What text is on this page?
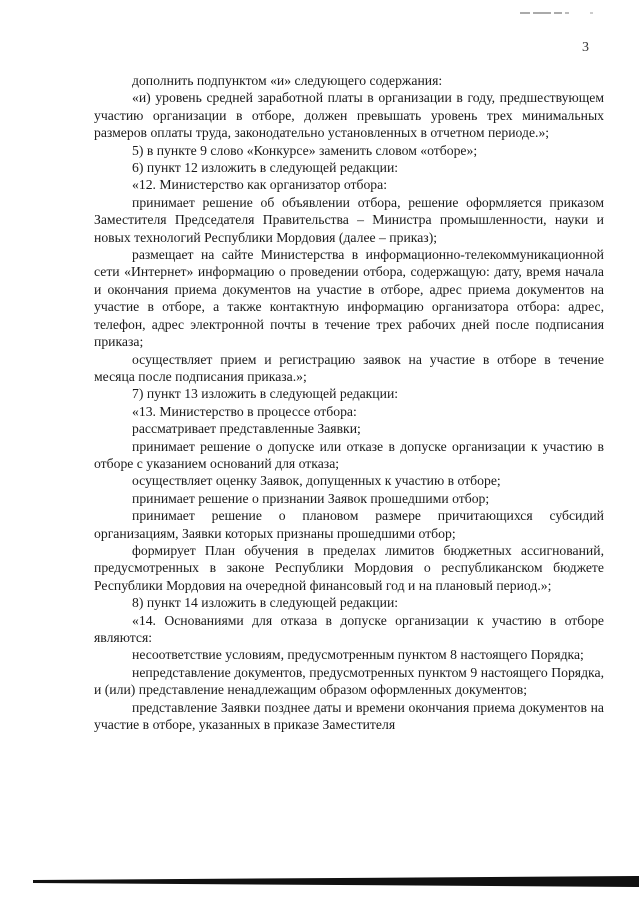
3

дополнить подпунктом «и» следующего содержания:

«и) уровень средней заработной платы в организации в году, предшествующем участию организации в отборе, должен превышать уровень трех минимальных размеров оплаты труда, законодательно установленных в отчетном периоде.»;

5) в пункте 9 слово «Конкурсе» заменить словом «отборе»;

6) пункт 12 изложить в следующей редакции:

«12. Министерство как организатор отбора:

принимает решение об объявлении отбора, решение оформляется приказом Заместителя Председателя Правительства – Министра промышленности, науки и новых технологий Республики Мордовия (далее – приказ);

размещает на сайте Министерства в информационно-телекоммуникационной сети «Интернет» информацию о проведении отбора, содержащую: дату, время начала и окончания приема документов на участие в отборе, адрес приема документов на участие в отборе, а также контактную информацию организатора отбора: адрес, телефон, адрес электронной почты в течение трех рабочих дней после подписания приказа;

осуществляет прием и регистрацию заявок на участие в отборе в течение месяца после подписания приказа.»;

7) пункт 13 изложить в следующей редакции:

«13. Министерство в процессе отбора:

рассматривает представленные Заявки;

принимает решение о допуске или отказе в допуске организации к участию в отборе с указанием оснований для отказа;

осуществляет оценку Заявок, допущенных к участию в отборе;

принимает решение о признании Заявок прошедшими отбор;

принимает решение о плановом размере причитающихся субсидий организациям, Заявки которых признаны прошедшими отбор;

формирует План обучения в пределах лимитов бюджетных ассигнований, предусмотренных в законе Республики Мордовия о республиканском бюджете Республики Мордовия на очередной финансовый год и на плановый период.»;

8) пункт 14 изложить в следующей редакции:

«14. Основаниями для отказа в допуске организации к участию в отборе являются:

несоответствие условиям, предусмотренным пунктом 8 настоящего Порядка;

непредставление документов, предусмотренных пунктом 9 настоящего Порядка, и (или) представление ненадлежащим образом оформленных документов;

представление Заявки позднее даты и времени окончания приема документов на участие в отборе, указанных в приказе Заместителя
